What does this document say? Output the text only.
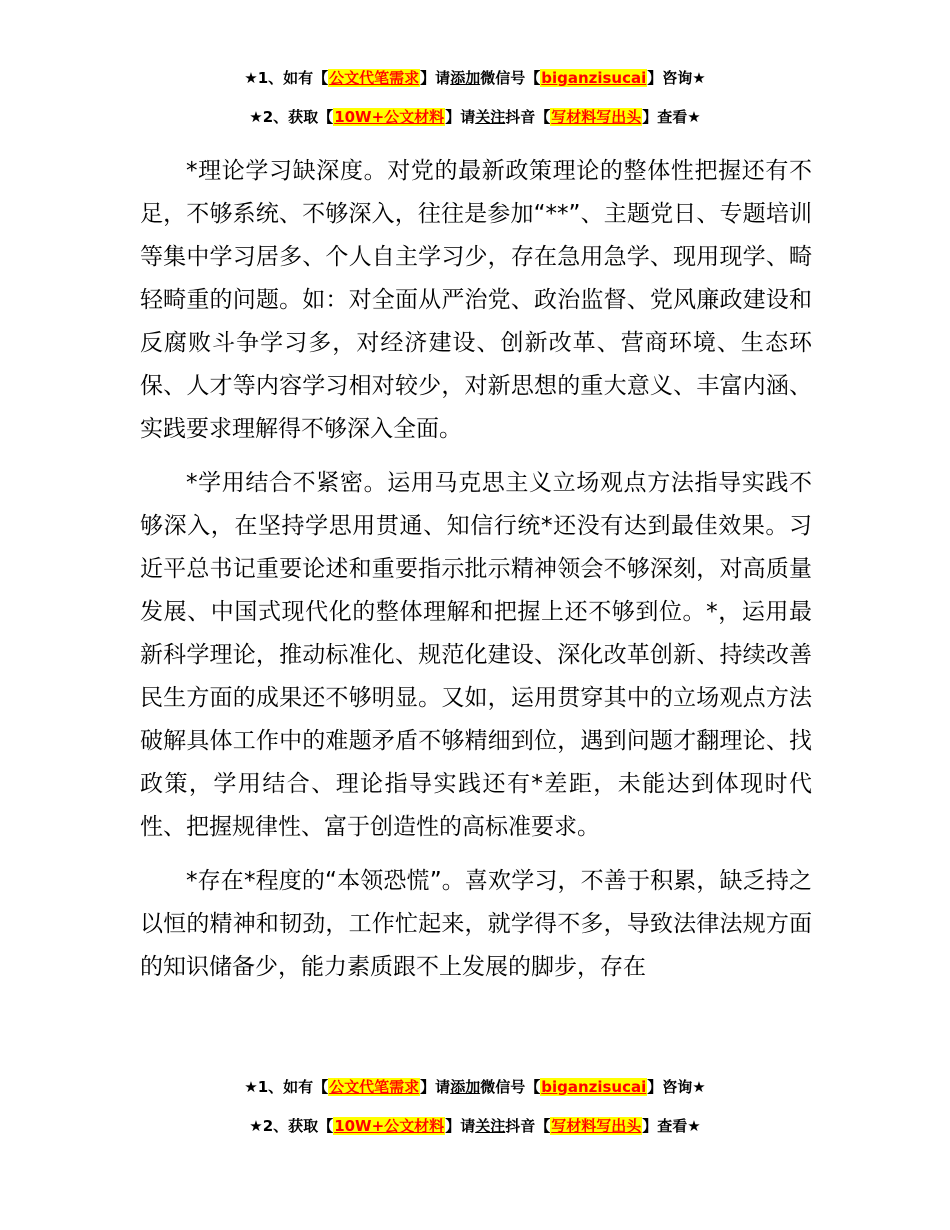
★1、如有【公文代笔需求】请添加微信号【biganzisucai】咨询★
★2、获取【10W+公文材料】请关注抖音【写材料写出头】查看★

*理论学习缺深度。对党的最新政策理论的整体性把握还有不足，不够系统、不够深入，往往是参加“**”、主题党日、专题培训等集中学习居多、个人自主学习少，存在急用急学、现用现学、畸轻畸重的问题。如：对全面从严治党、政治监督、党风廉政建设和反腐败斗争学习多，对经济建设、创新改革、营商环境、生态环保、人才等内容学习相对较少，对新思想的重大意义、丰富内涵、实践要求理解得不够深入全面。

*学用结合不紧密。运用马克思主义立场观点方法指导实践不够深入，在坚持学思用贯通、知信行统*还没有达到最佳效果。习近平总书记重要论述和重要指示批示精神领会不够深刻，对高质量发展、中国式现代化的整体理解和把握上还不够到位。*，运用最新科学理论，推动标准化、规范化建设、深化改革创新、持续改善民生方面的成果还不够明显。又如，运用贯穿其中的立场观点方法破解具体工作中的难题矛盾不够精细到位，遇到问题才翻理论、找政策，学用结合、理论指导实践还有*差距，未能达到体现时代性、把握规律性、富于创造性的高标准要求。

*存在*程度的“本领恐慌”。喜欢学习，不善于积累，缺乏持之以恒的精神和韧劲，工作忙起来，就学得不多，导致法律法规方面的知识储备少，能力素质跟不上发展的脚步，存在

★1、如有【公文代笔需求】请添加微信号【biganzisucai】咨询★
★2、获取【10W+公文材料】请关注抖音【写材料写出头】查看★
